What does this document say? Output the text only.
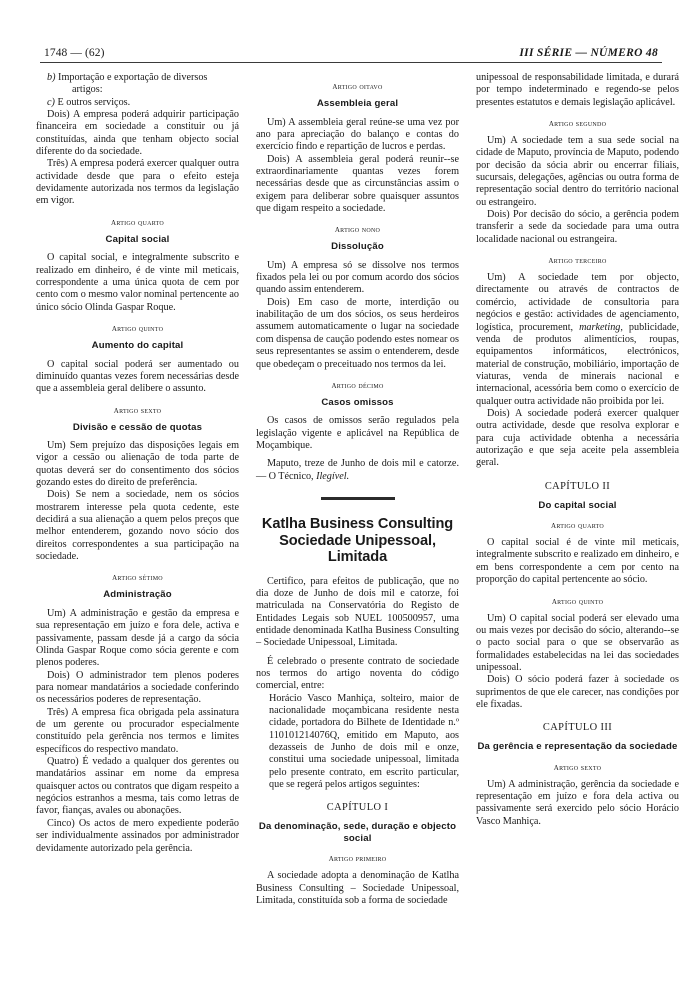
1748 — (62)	III SÉRIE — NÚMERO 48

b) Importação e exportação de diversos

artigos:

c) E outros serviços.

Dois) A empresa poderá adquirir participação financeira em sociedade a constituir ou já constituídas, ainda que tenham objecto social diferente do da sociedade.

Três) A empresa poderá exercer qualquer outra actividade desde que para o efeito esteja devidamente autorizada nos termos da legislação em vigor.

artigo quarto
Capital social

O capital social, e integralmente subscrito e realizado em dinheiro, é de vinte mil meticais, correspondente a uma única quota de cem por cento com o mesmo valor nominal pertencente ao único sócio Olinda Gaspar Roque.

artigo quinto
Aumento do capital

O capital social poderá ser aumentado ou diminuído quantas vezes forem necessárias desde que a assembleia geral delibere o assunto.

artigo sexto
Divisão e cessão de quotas

Um) Sem prejuízo das disposições legais em vigor a cessão ou alienação de toda parte de quotas deverá ser do consentimento dos sócios gozando estes do direito de preferência.

Dois) Se nem a sociedade, nem os sócios mostrarem interesse pela quota cedente, este decidirá a sua alienação a quem pelos preços que melhor entenderem, gozando novo sócio dos direitos correspondentes a sua participação na sociedade.

artigo sétimo
Administração

Um) A administração e gestão da empresa e sua representação em juízo e fora dele, activa e passivamente, passam desde já a cargo da sócia Olinda Gaspar Roque como sócia gerente e com plenos poderes.

Dois) O administrador tem plenos poderes para nomear mandatários a sociedade conferindo os necessários poderes de representação.

Três) A empresa fica obrigada pela assinatura de um gerente ou procurador especialmente constituído pela gerência nos termos e limites específicos do respectivo mandato.

Quatro) É vedado a qualquer dos gerentes ou mandatários assinar em nome da empresa quaisquer actos ou contratos que digam respeito a negócios estranhos a mesma, tais como letras de favor, fianças, avales ou abonações.

Cinco) Os actos de mero expediente poderão ser individualmente assinados por administrador devidamente autorizado pela gerência.

artigo oitavo
Assembleia geral

Um) A assembleia geral reúne-se uma vez por ano para apreciação do balanço e contas do exercício findo e repartição de lucros e perdas.

Dois) A assembleia geral poderá reunir--se extraordinariamente quantas vezes forem necessárias desde que as circunstâncias assim o exigem para deliberar sobre quaisquer assuntos que digam respeito a sociedade.

artigo nono
Dissolução

Um) A empresa só se dissolve nos termos fixados pela lei ou por comum acordo dos sócios quando assim entenderem.

Dois) Em caso de morte, interdição ou inabilitação de um dos sócios, os seus herdeiros assumem automaticamente o lugar na sociedade com dispensa de caução podendo estes nomear os seus representantes se assim o entenderem, desde que obedeçam o preceituado nos termos da lei.

artigo décimo
Casos omissos

Os casos de omissos serão regulados pela legislação vigente e aplicável na República de Moçambique.

Maputo, treze de Junho de dois mil e catorze. — O Técnico, Ilegível.

Katlha Business Consulting Sociedade Unipessoal, Limitada

Certifico, para efeitos de publicação, que no dia doze de Junho de dois mil e catorze, foi matriculada na Conservatória do Registo de Entidades Legais sob NUEL 100500957, uma entidade denominada Katlha Business Consulting – Sociedade Unipessoal, Limitada.

É celebrado o presente contrato de sociedade nos termos do artigo noventa do código comercial, entre:

Horácio Vasco Manhiça, solteiro, maior de nacionalidade moçambicana residente nesta cidade, portadora do Bilhete de Identidade n.º 110101214076Q, emitido em Maputo, aos dezasseis de Junho de dois mil e onze, constitui uma sociedade unipessoal, limitada pelo presente contrato, em escrito particular, que se regerá pelos artigos seguintes:

CAPÍTULO I
Da denominação, sede, duração e objecto social
artigo primeiro

A sociedade adopta a denominação de Katlha Business Consulting – Sociedade Unipessoal, Limitada, constituída sob a forma de sociedade

unipessoal de responsabilidade limitada, e durará por tempo indeterminado e regendo-se pelos presentes estatutos e demais legislação aplicável.

artigo segundo

Um) A sociedade tem a sua sede social na cidade de Maputo, província de Maputo, podendo por decisão da sócia abrir ou encerrar filiais, sucursais, delegações, agências ou outra forma de representação social dentro do território nacional ou estrangeiro.

Dois) Por decisão do sócio, a gerência podem transferir a sede da sociedade para uma outra localidade nacional ou estrangeira.

artigo terceiro

Um) A sociedade tem por objecto, directamente ou através de contractos de comércio, actividade de consultoria para negócios e gestão: actividades de agenciamento, logística, procurement, marketing, publicidade, venda de produtos alimentícios, roupas, equipamentos informáticos, electrónicos, material de construção, mobiliário, importação de viaturas, venda de minerais nacional e internacional, acessória bem como o exercício de qualquer outra actividade não proibida por lei.

Dois) A sociedade poderá exercer qualquer outra actividade, desde que resolva explorar e para cuja actividade obtenha a necessária autorização e que seja aceite pela assembleia geral.

CAPÍTULO II
Do capital social
artigo quarto

O capital social é de vinte mil meticais, integralmente subscrito e realizado em dinheiro, e em bens correspondente a cem por cento na proporção do capital pertencente ao sócio.

artigo quinto

Um) O capital social poderá ser elevado uma ou mais vezes por decisão do sócio, alterando--se o pacto social para o que se observarão as formalidades estabelecidas na lei das sociedades unipessoal.

Dois) O sócio poderá fazer à sociedade os suprimentos de que ele carecer, nas condições por ele fixadas.

CAPÍTULO III
Da gerência e representação da sociedade
artigo sexto

Um) A administração, gerência da sociedade e representação em juízo e fora dela activa ou passivamente será exercido pelo sócio Horácio Vasco Manhiça.
